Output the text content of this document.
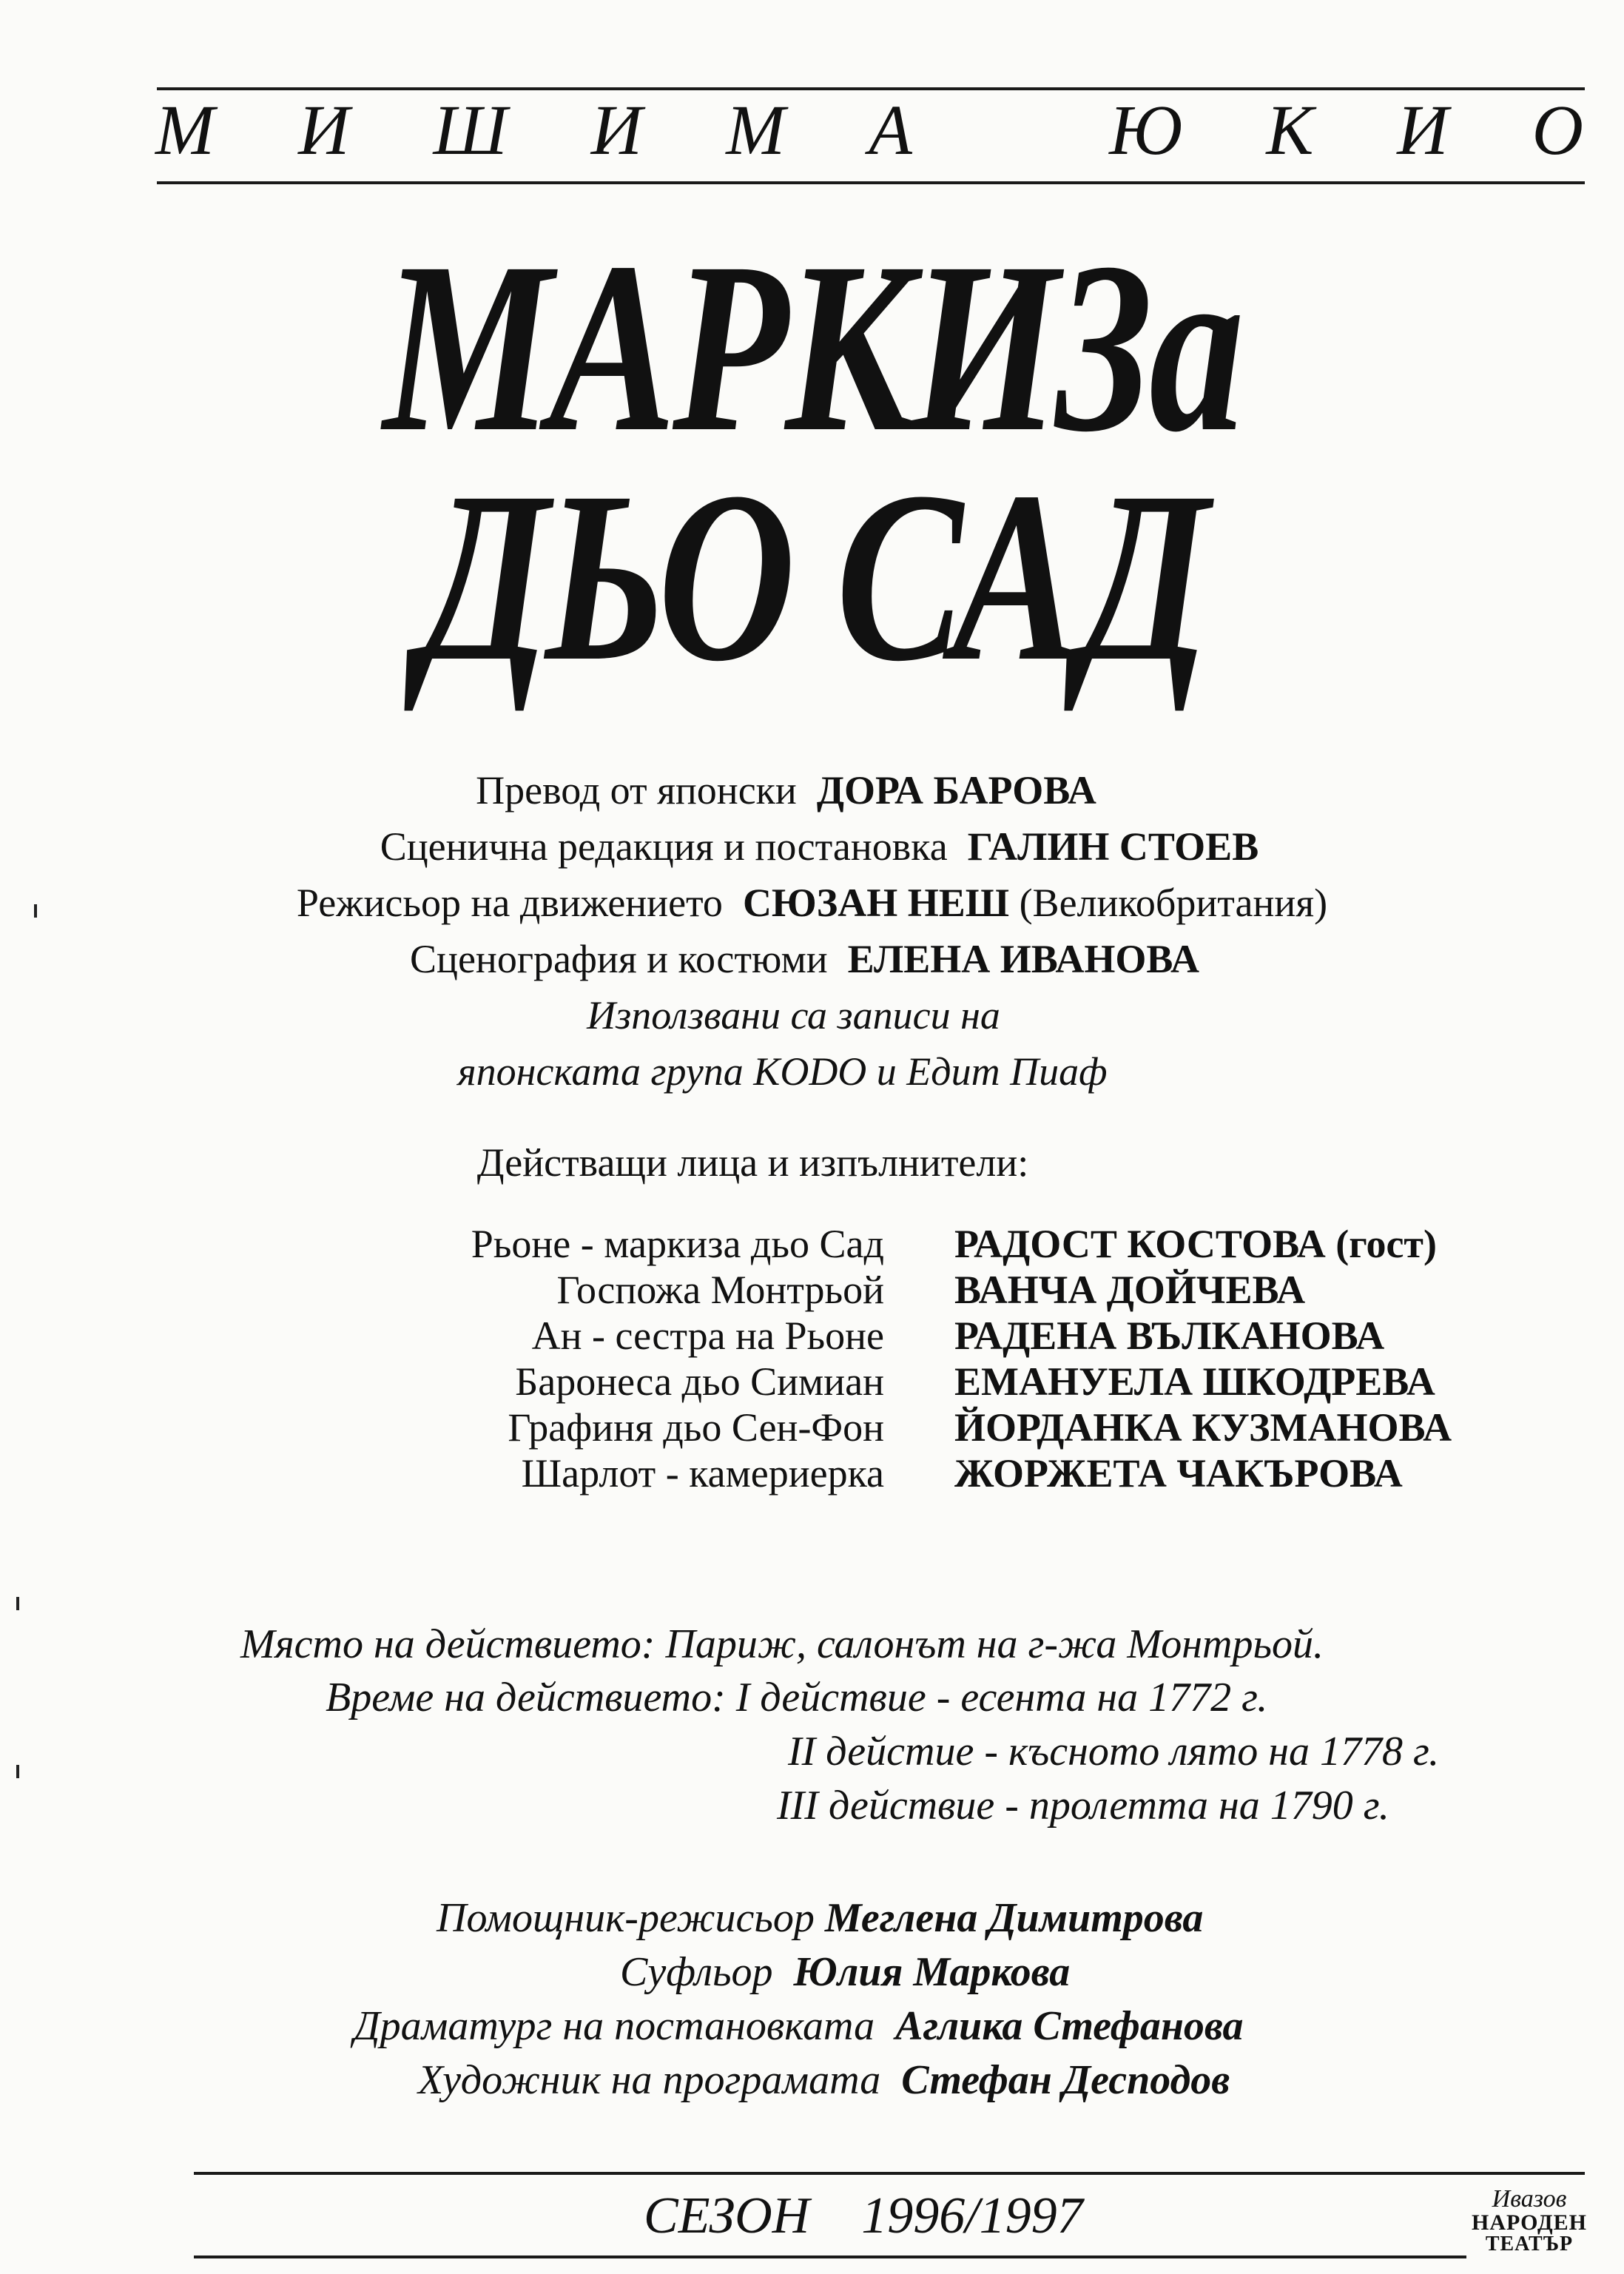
М И Ш И М А	Ю К И О
МАРКИЗа
ДЬО САД
Превод от японски ДОРА БАРОВА
Сценична редакция и постановка ГАЛИН СТОЕВ
Режисьор на движението СЮЗАН НЕШ (Великобритания)
Сценография и костюми ЕЛЕНА ИВАНОВА
Използвани са записи на
японската група KODO и Едит Пиаф
Действащи лица и изпълнители:
Рьоне - маркиза дьо Сад РАДОСТ КОСТОВА (гост)
Госпожа Монтрьой ВАНЧА ДОЙЧЕВА
Ан - сестра на Рьоне РАДЕНА ВЪЛКАНОВА
Баронеса дьо Симиан ЕМАНУЕЛА ШКОДРЕВА
Графиня дьо Сен-Фон ЙОРДАНКА КУЗМАНОВА
Шарлот - камериерка ЖОРЖЕТА ЧАКЪРОВА
Място на действието: Париж, салонът на г-жа Монтрьой.
Време на действието: I действие - есента на 1772 г.
II дейстие - късното лято на 1778 г.
III действие - пролетта на 1790 г.
Помощник-режисьор Меглена Димитрова
Суфльор Юлия Маркова
Драматург на постановката Аглика Стефанова
Художник на програмата Стефан Десподов
СЕЗОН 1996/1997	Ивазов
НАРОДЕН
ТЕАТЪР
